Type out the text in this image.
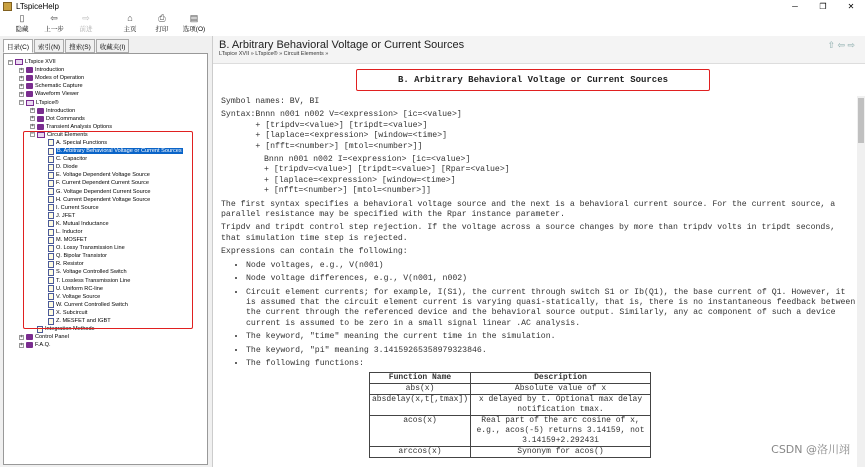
LTspiceHelp	─	❐	✕
▯
隐藏
⇦
上一步
⇨
前进
⌂
主页
⎙
打印
▤
选项(O)
目录(C)	索引(N)	搜索(S)	收藏夹(I)
− LTspice XVII
+ Introduction
+ Modes of Operation
+ Schematic Capture
+ Waveform Viewer
− LTspice®
+ Introduction
+ Dot Commands
+ Transient Analysis Options
− Circuit Elements
A. Special Functions
B. Arbitrary Behavioral Voltage or Current Sources
C. Capacitor
D. Diode
E. Voltage Dependent Voltage Source
F. Current Dependent Current Source
G. Voltage Dependent Current Source
H. Current Dependent Voltage Source
I. Current Source
J. JFET
K. Mutual Inductance
L. Inductor
M. MOSFET
O. Lossy Transmission Line
Q. Bipolar Transistor
R. Resistor
S. Voltage Controlled Switch
T. Lossless Transmission Line
U. Uniform RC-line
V. Voltage Source
W. Current Controlled Switch
X. Subcircuit
Z. MESFET and IGBT
Integration Methods
+ Control Panel
+ F.A.Q.
B. Arbitrary Behavioral Voltage or Current Sources
LTspice XVII » LTspice® » Circuit Elements »
⇧ ⇦ ⇨
B. Arbitrary Behavioral Voltage or Current Sources

Symbol names: BV, BI

Syntax: Bnnn n001 n002 V=<expression> [ic=<value>]
+ [tripdv=<value>] [tripdt=<value>]
+ [laplace=<expression> [window=<time>]
+ [nfft=<number>] [mtol=<number>]]
Bnnn n001 n002 I=<expression> [ic=<value>]
+ [tripdv=<value>] [tripdt=<value>] [Rpar=<value>]
+ [laplace=<expression> [window=<time>]
+ [nfft=<number>] [mtol=<number>]]

The first syntax specifies a behavioral voltage source and the next is a behavioral current source. For the current source, a parallel resistance may be specified with the Rpar instance parameter.

Tripdv and tripdt control step rejection. If the voltage across a source changes by more than tripdv volts in tripdt seconds, that simulation time step is rejected.

Expressions can contain the following:

• Node voltages, e.g., V(n001)
• Node voltage differences, e.g., V(n001, n002)
• Circuit element currents; for example, I(S1), the current through switch S1 or Ib(Q1), the base current of Q1. However, it is assumed that the circuit element current is varying quasi-statically, that is, there is no instantaneous feedback between the current through the referenced device and the behavioral source output. Similarly, any ac component of such a device current is assumed to be zero in a small signal linear .AC analysis.
• The keyword, "time" meaning the current time in the simulation.
• The keyword, "pi" meaning 3.14159265358979323846.
• The following functions:
Function Name	Description
abs(x)	Absolute value of x
absdelay(x,t[,tmax])	x delayed by t. Optional max delay notification tmax.
acos(x)	Real part of the arc cosine of x, e.g., acos(-5) returns 3.14159, not 3.14159+2.29243i
arccos(x)	Synonym for acos()	CSDN @洛川翊
